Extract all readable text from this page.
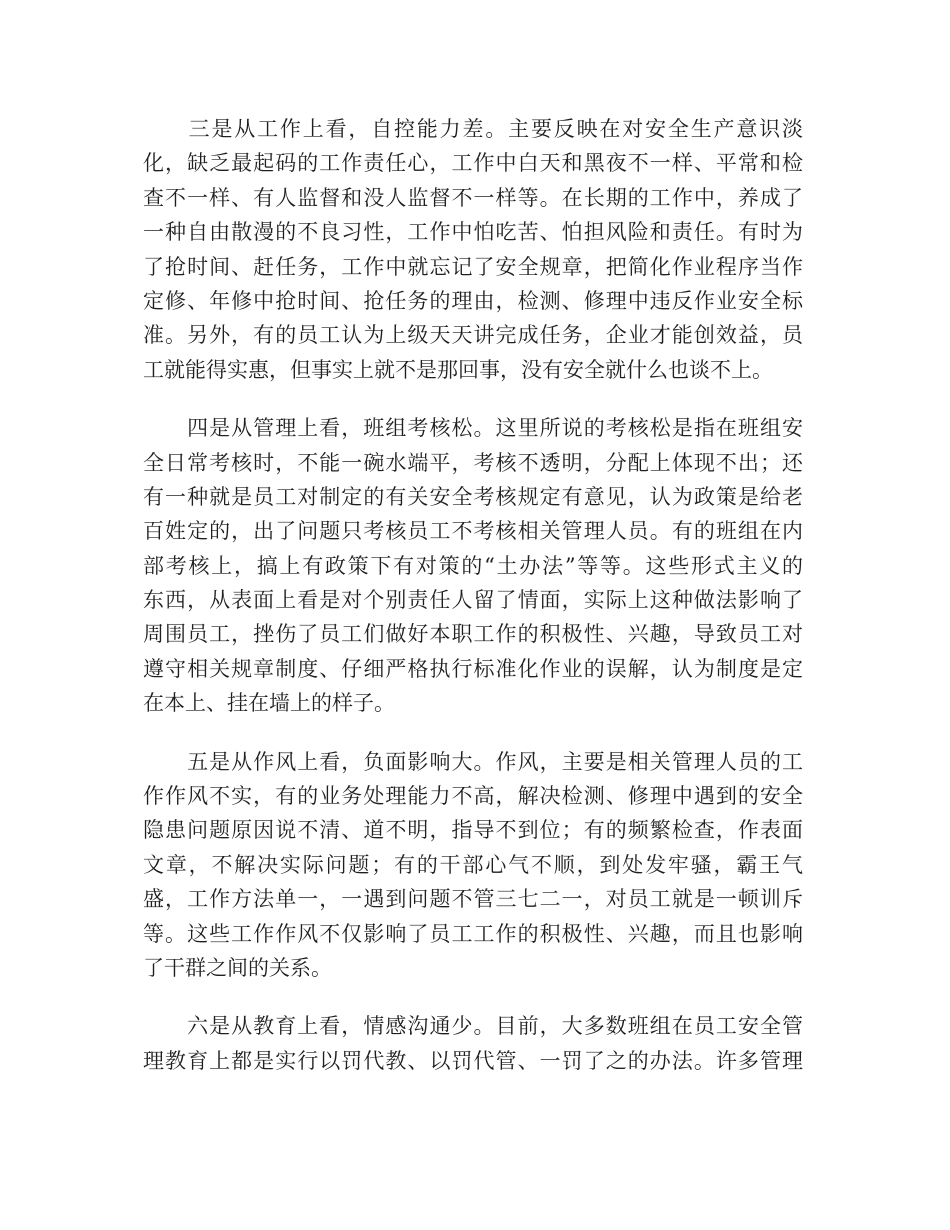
　　三是从工作上看，自控能力差。主要反映在对安全生产意识淡
化，缺乏最起码的工作责任心，工作中白天和黑夜不一样、平常和检
查不一样、有人监督和没人监督不一样等。在长期的工作中，养成了
一种自由散漫的不良习性，工作中怕吃苦、怕担风险和责任。有时为
了抢时间、赶任务，工作中就忘记了安全规章，把简化作业程序当作
定修、年修中抢时间、抢任务的理由，检测、修理中违反作业安全标
准。另外，有的员工认为上级天天讲完成任务，企业才能创效益，员
工就能得实惠，但事实上就不是那回事，没有安全就什么也谈不上。
　　四是从管理上看，班组考核松。这里所说的考核松是指在班组安
全日常考核时，不能一碗水端平，考核不透明，分配上体现不出；还
有一种就是员工对制定的有关安全考核规定有意见，认为政策是给老
百姓定的，出了问题只考核员工不考核相关管理人员。有的班组在内
部考核上，搞上有政策下有对策的“土办法”等等。这些形式主义的
东西，从表面上看是对个别责任人留了情面，实际上这种做法影响了
周围员工，挫伤了员工们做好本职工作的积极性、兴趣，导致员工对
遵守相关规章制度、仔细严格执行标准化作业的误解，认为制度是定
在本上、挂在墙上的样子。
　　五是从作风上看，负面影响大。作风，主要是相关管理人员的工
作作风不实，有的业务处理能力不高，解决检测、修理中遇到的安全
隐患问题原因说不清、道不明，指导不到位；有的频繁检查，作表面
文章，不解决实际问题；有的干部心气不顺，到处发牢骚，霸王气
盛，工作方法单一，一遇到问题不管三七二一，对员工就是一顿训斥
等。这些工作作风不仅影响了员工工作的积极性、兴趣，而且也影响
了干群之间的关系。
　　六是从教育上看，情感沟通少。目前，大多数班组在员工安全管
理教育上都是实行以罚代教、以罚代管、一罚了之的办法。许多管理
